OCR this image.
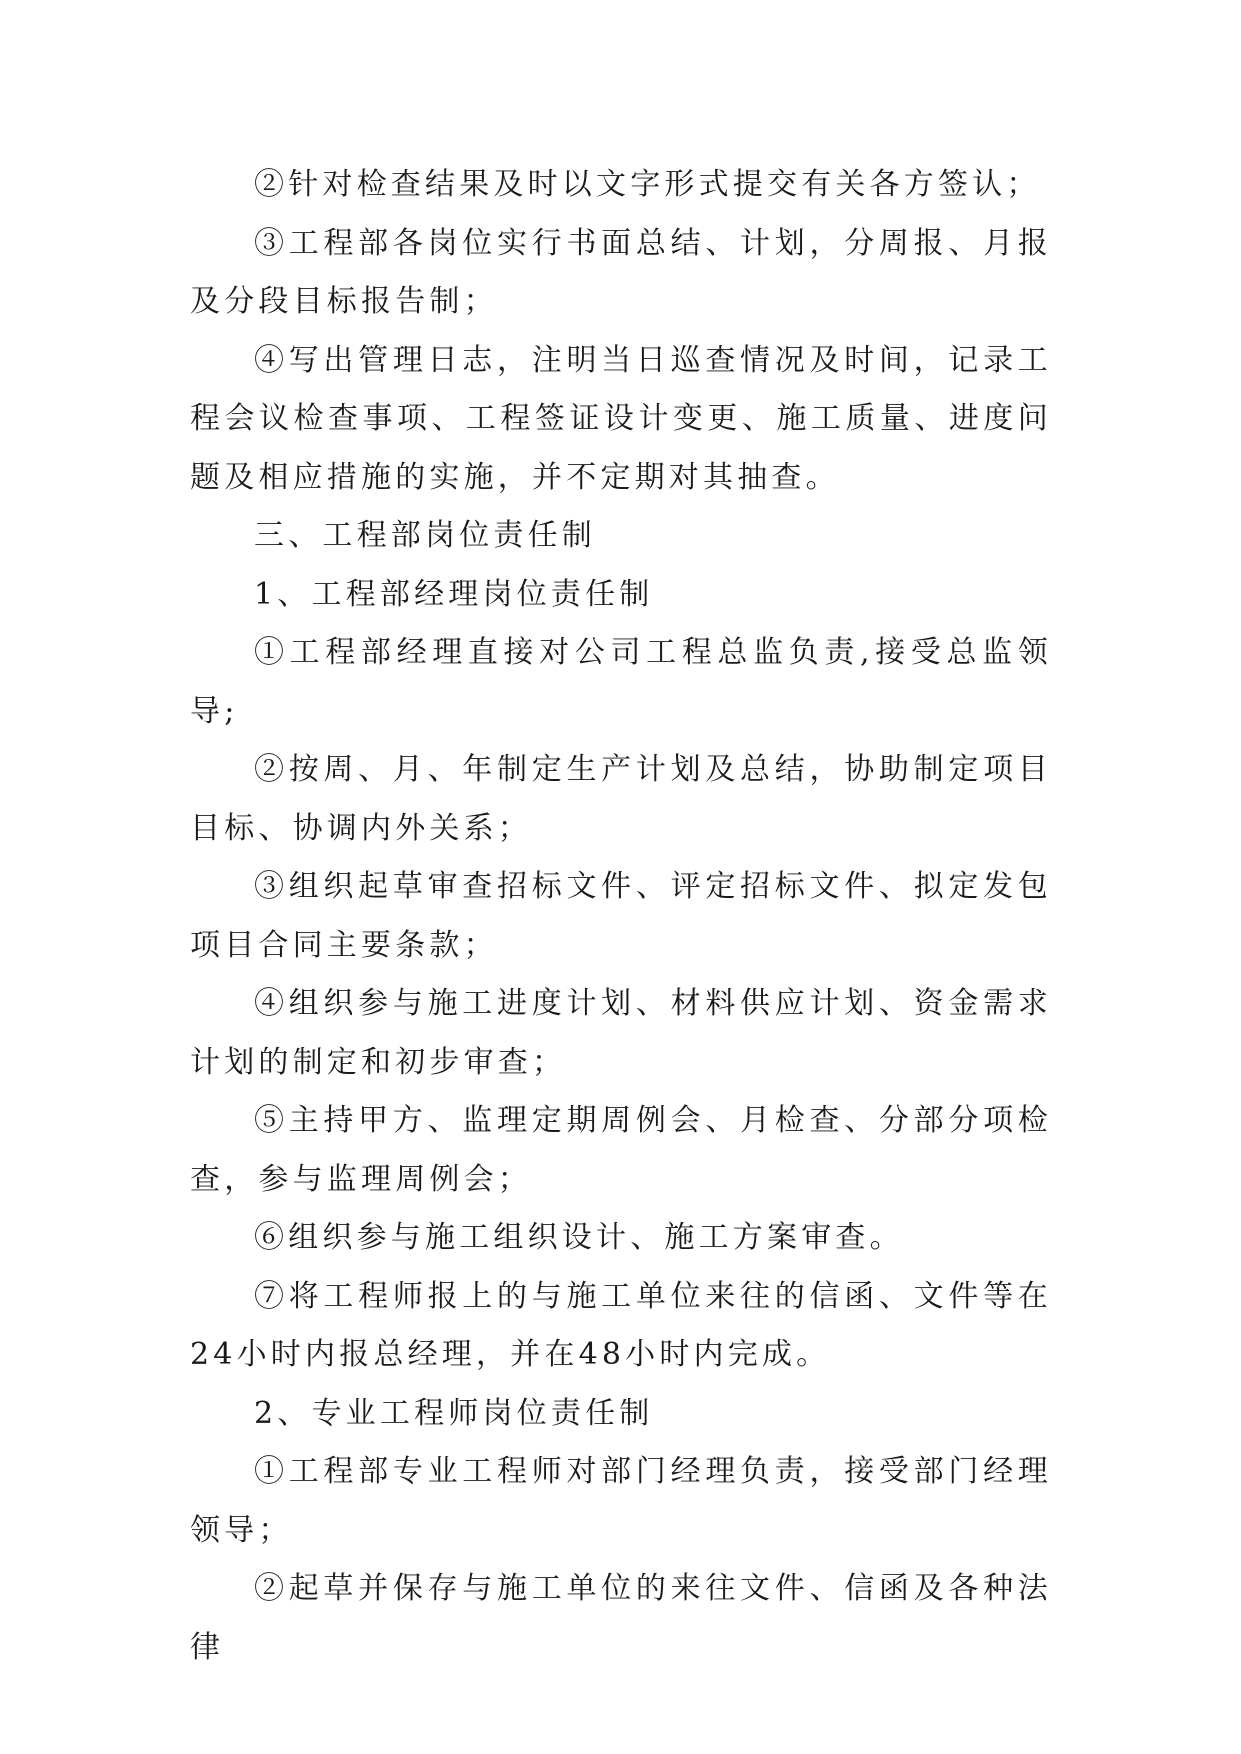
②针对检查结果及时以文字形式提交有关各方签认；

③工程部各岗位实行书面总结、计划，分周报、月报及分段目标报告制；

④写出管理日志，注明当日巡查情况及时间，记录工程会议检查事项、工程签证设计变更、施工质量、进度问题及相应措施的实施，并不定期对其抽查。

三、工程部岗位责任制

1、工程部经理岗位责任制

①工程部经理直接对公司工程总监负责,接受总监领导;

②按周、月、年制定生产计划及总结，协助制定项目目标、协调内外关系；

③组织起草审查招标文件、评定招标文件、拟定发包项目合同主要条款；

④组织参与施工进度计划、材料供应计划、资金需求计划的制定和初步审查；

⑤主持甲方、监理定期周例会、月检查、分部分项检查，参与监理周例会；

⑥组织参与施工组织设计、施工方案审查。

⑦将工程师报上的与施工单位来往的信函、文件等在24小时内报总经理，并在48小时内完成。

2、专业工程师岗位责任制

①工程部专业工程师对部门经理负责，接受部门经理领导；

②起草并保存与施工单位的来往文件、信函及各种法律
